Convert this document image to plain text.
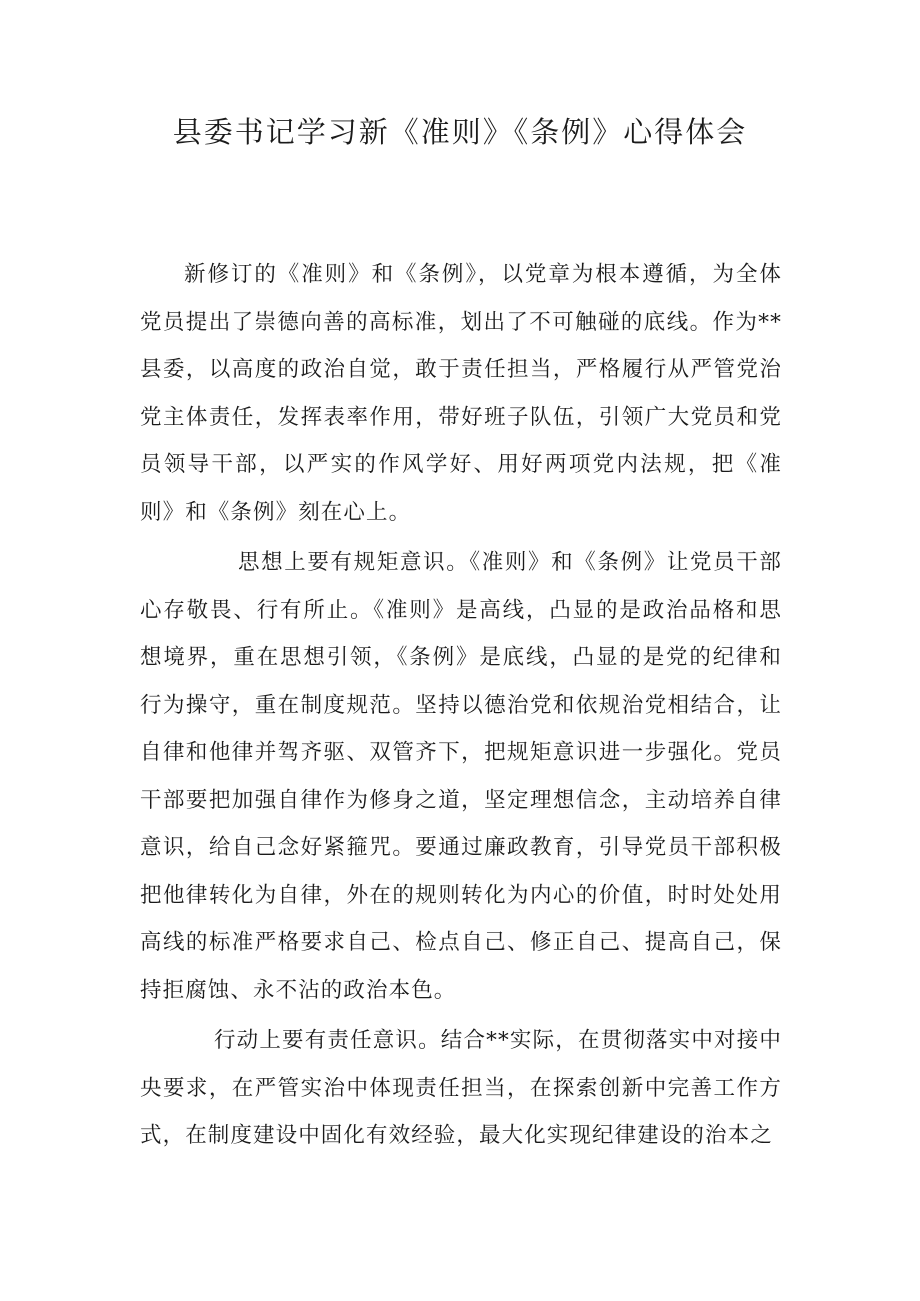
县委书记学习新《准则》《条例》心得体会

新修订的《准则》和《条例》，以党章为根本遵循，为全体党员提出了崇德向善的高标准，划出了不可触碰的底线。作为**县委，以高度的政治自觉，敢于责任担当，严格履行从严管党治党主体责任，发挥表率作用，带好班子队伍，引领广大党员和党员领导干部，以严实的作风学好、用好两项党内法规，把《准则》和《条例》刻在心上。

思想上要有规矩意识。《准则》和《条例》让党员干部心存敬畏、行有所止。《准则》是高线，凸显的是政治品格和思想境界，重在思想引领，《条例》是底线，凸显的是党的纪律和行为操守，重在制度规范。坚持以德治党和依规治党相结合，让自律和他律并驾齐驱、双管齐下，把规矩意识进一步强化。党员干部要把加强自律作为修身之道，坚定理想信念，主动培养自律意识，给自己念好紧箍咒。要通过廉政教育，引导党员干部积极把他律转化为自律，外在的规则转化为内心的价值，时时处处用高线的标准严格要求自己、检点自己、修正自己、提高自己，保持拒腐蚀、永不沾的政治本色。

行动上要有责任意识。结合**实际，在贯彻落实中对接中央要求，在严管实治中体现责任担当，在探索创新中完善工作方式，在制度建设中固化有效经验，最大化实现纪律建设的治本之
